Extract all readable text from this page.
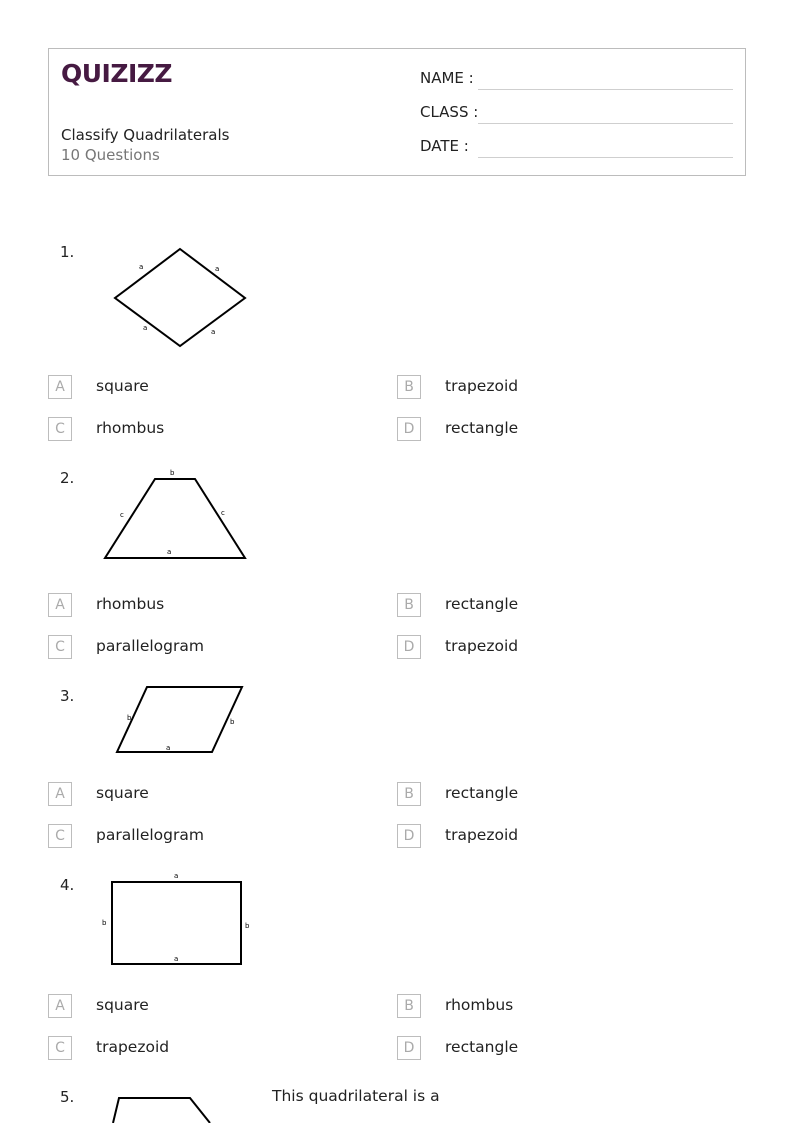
QUIZIZZ
Classify Quadrilaterals
10 Questions
NAME :
CLASS :
DATE :
1.
a	a
a	a
A	square	B	trapezoid
C	rhombus	D	rectangle
2.	b
c	c
a
A	rhombus	B	rectangle
C	parallelogram	D	trapezoid
3.
b	b
a
A	square	B	rectangle
C	parallelogram	D	trapezoid
4.	a
b	b
a
A	square	B	rhombus
C	trapezoid	D	rectangle
5.	This quadrilateral is a
